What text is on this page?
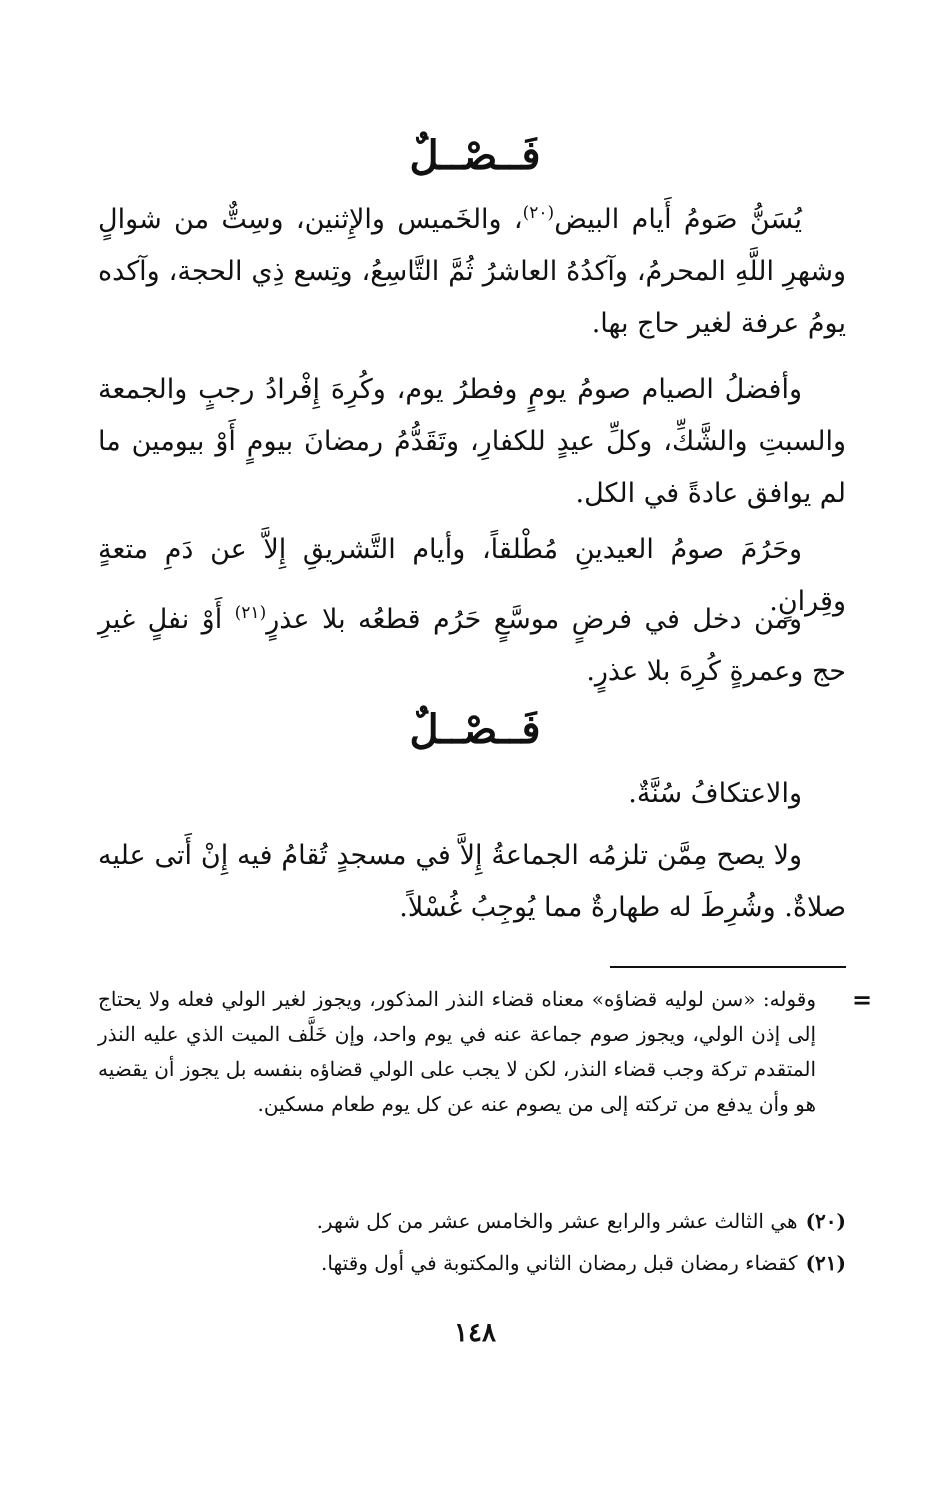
فَــصْــلٌ

يُسَنُّ صَومُ أَيام البيض$^{(٢٠)}$، والخَميس والإِثنين، وسِتٌّ من شوالٍ وشهرِ اللَّهِ المحرمُ، وآكدُهُ العاشرُ ثُمَّ التَّاسِعُ، وتِسع ذِي الحجة، وآكده يومُ عرفة لغير حاج بها.

وأفضلُ الصيام صومُ يومٍ وفطرُ يوم، وكُرِهَ إِفْرادُ رجبٍ والجمعة والسبتِ والشَّكِّ، وكلِّ عيدٍ للكفارِ، وتَقَدُّمُ رمضانَ بيومٍ أَوْ بيومين ما لم يوافق عادةً في الكل.

وحَرُمَ صومُ العيدينِ مُطْلقاً، وأيام التَّشريقِ إِلاَّ عن دَمِ متعةٍ وقِرانٍ.

ومن دخل في فرضٍ موسَّعٍ حَرُم قطعُه بلا عذرٍ$^{(٢١)}$ أَوْ نفلٍ غيرِ حج وعمرةٍ كُرِهَ بلا عذرٍ.

فَــصْــلٌ

والاعتكافُ سُنَّةٌ.

ولا يصح مِمَّن تلزمُه الجماعةُ إِلاَّ في مسجدٍ تُقامُ فيه إِنْ أَتى عليه صلاةٌ. وشُرِطَ له طهارةٌ مما يُوجِبُ غُسْلاً.

=

وقوله: «سن لوليه قضاؤه» معناه قضاء النذر المذكور، ويجوز لغير الولي فعله ولا يحتاج إلى إذن الولي، ويجوز صوم جماعة عنه في يوم واحد، وإن خَلَّف الميت الذي عليه النذر المتقدم تركة وجب قضاء النذر، لكن لا يجب على الولي قضاؤه بنفسه بل يجوز أن يقضيه هو وأن يدفع من تركته إلى من يصوم عنه عن كل يوم طعام مسكين.

(٢٠)هي الثالث عشر والرابع عشر والخامس عشر من كل شهر.

(٢١)كقضاء رمضان قبل رمضان الثاني والمكتوبة في أول وقتها.

١٤٨
